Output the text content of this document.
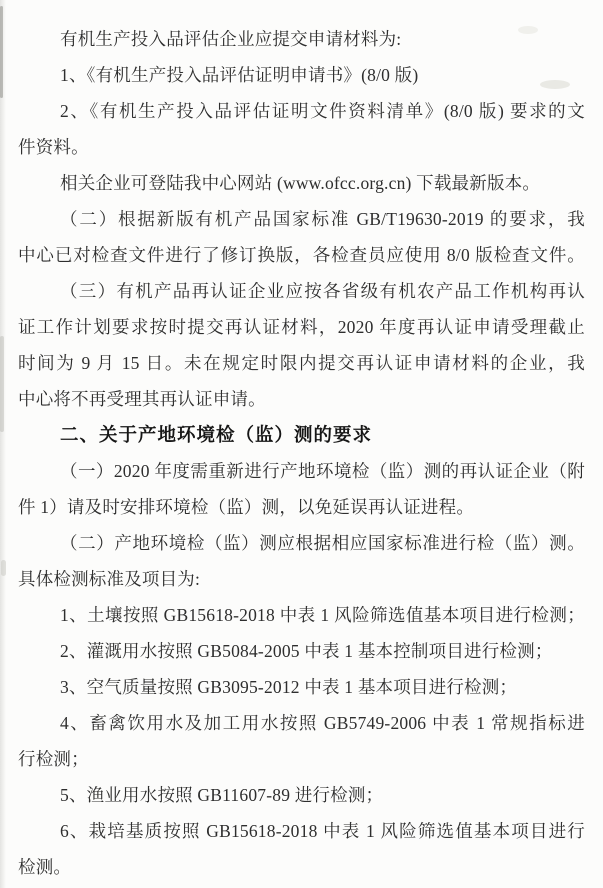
有机生产投入品评估企业应提交申请材料为:
1、《有机生产投入品评估证明申请书》(8/0 版)
2、《有机生产投入品评估证明文件资料清单》(8/0 版) 要求的文
件资料。
相关企业可登陆我中心网站 (www.ofcc.org.cn) 下载最新版本。
（二）根据新版有机产品国家标准 GB/T19630-2019 的要求，我
中心已对检查文件进行了修订换版，各检查员应使用 8/0 版检查文件。
（三）有机产品再认证企业应按各省级有机农产品工作机构再认
证工作计划要求按时提交再认证材料，2020 年度再认证申请受理截止
时间为 9 月 15 日。未在规定时限内提交再认证申请材料的企业，我
中心将不再受理其再认证申请。
二、关于产地环境检（监）测的要求
（一）2020 年度需重新进行产地环境检（监）测的再认证企业（附
件 1）请及时安排环境检（监）测，以免延误再认证进程。
（二）产地环境检（监）测应根据相应国家标准进行检（监）测。
具体检测标准及项目为:
1、土壤按照 GB15618-2018 中表 1 风险筛选值基本项目进行检测；
2、灌溉用水按照 GB5084-2005 中表 1 基本控制项目进行检测；
3、空气质量按照 GB3095-2012 中表 1 基本项目进行检测；
4、畜禽饮用水及加工用水按照 GB5749-2006 中表 1 常规指标进
行检测；
5、渔业用水按照 GB11607-89 进行检测；
6、栽培基质按照 GB15618-2018 中表 1 风险筛选值基本项目进行
检测。
